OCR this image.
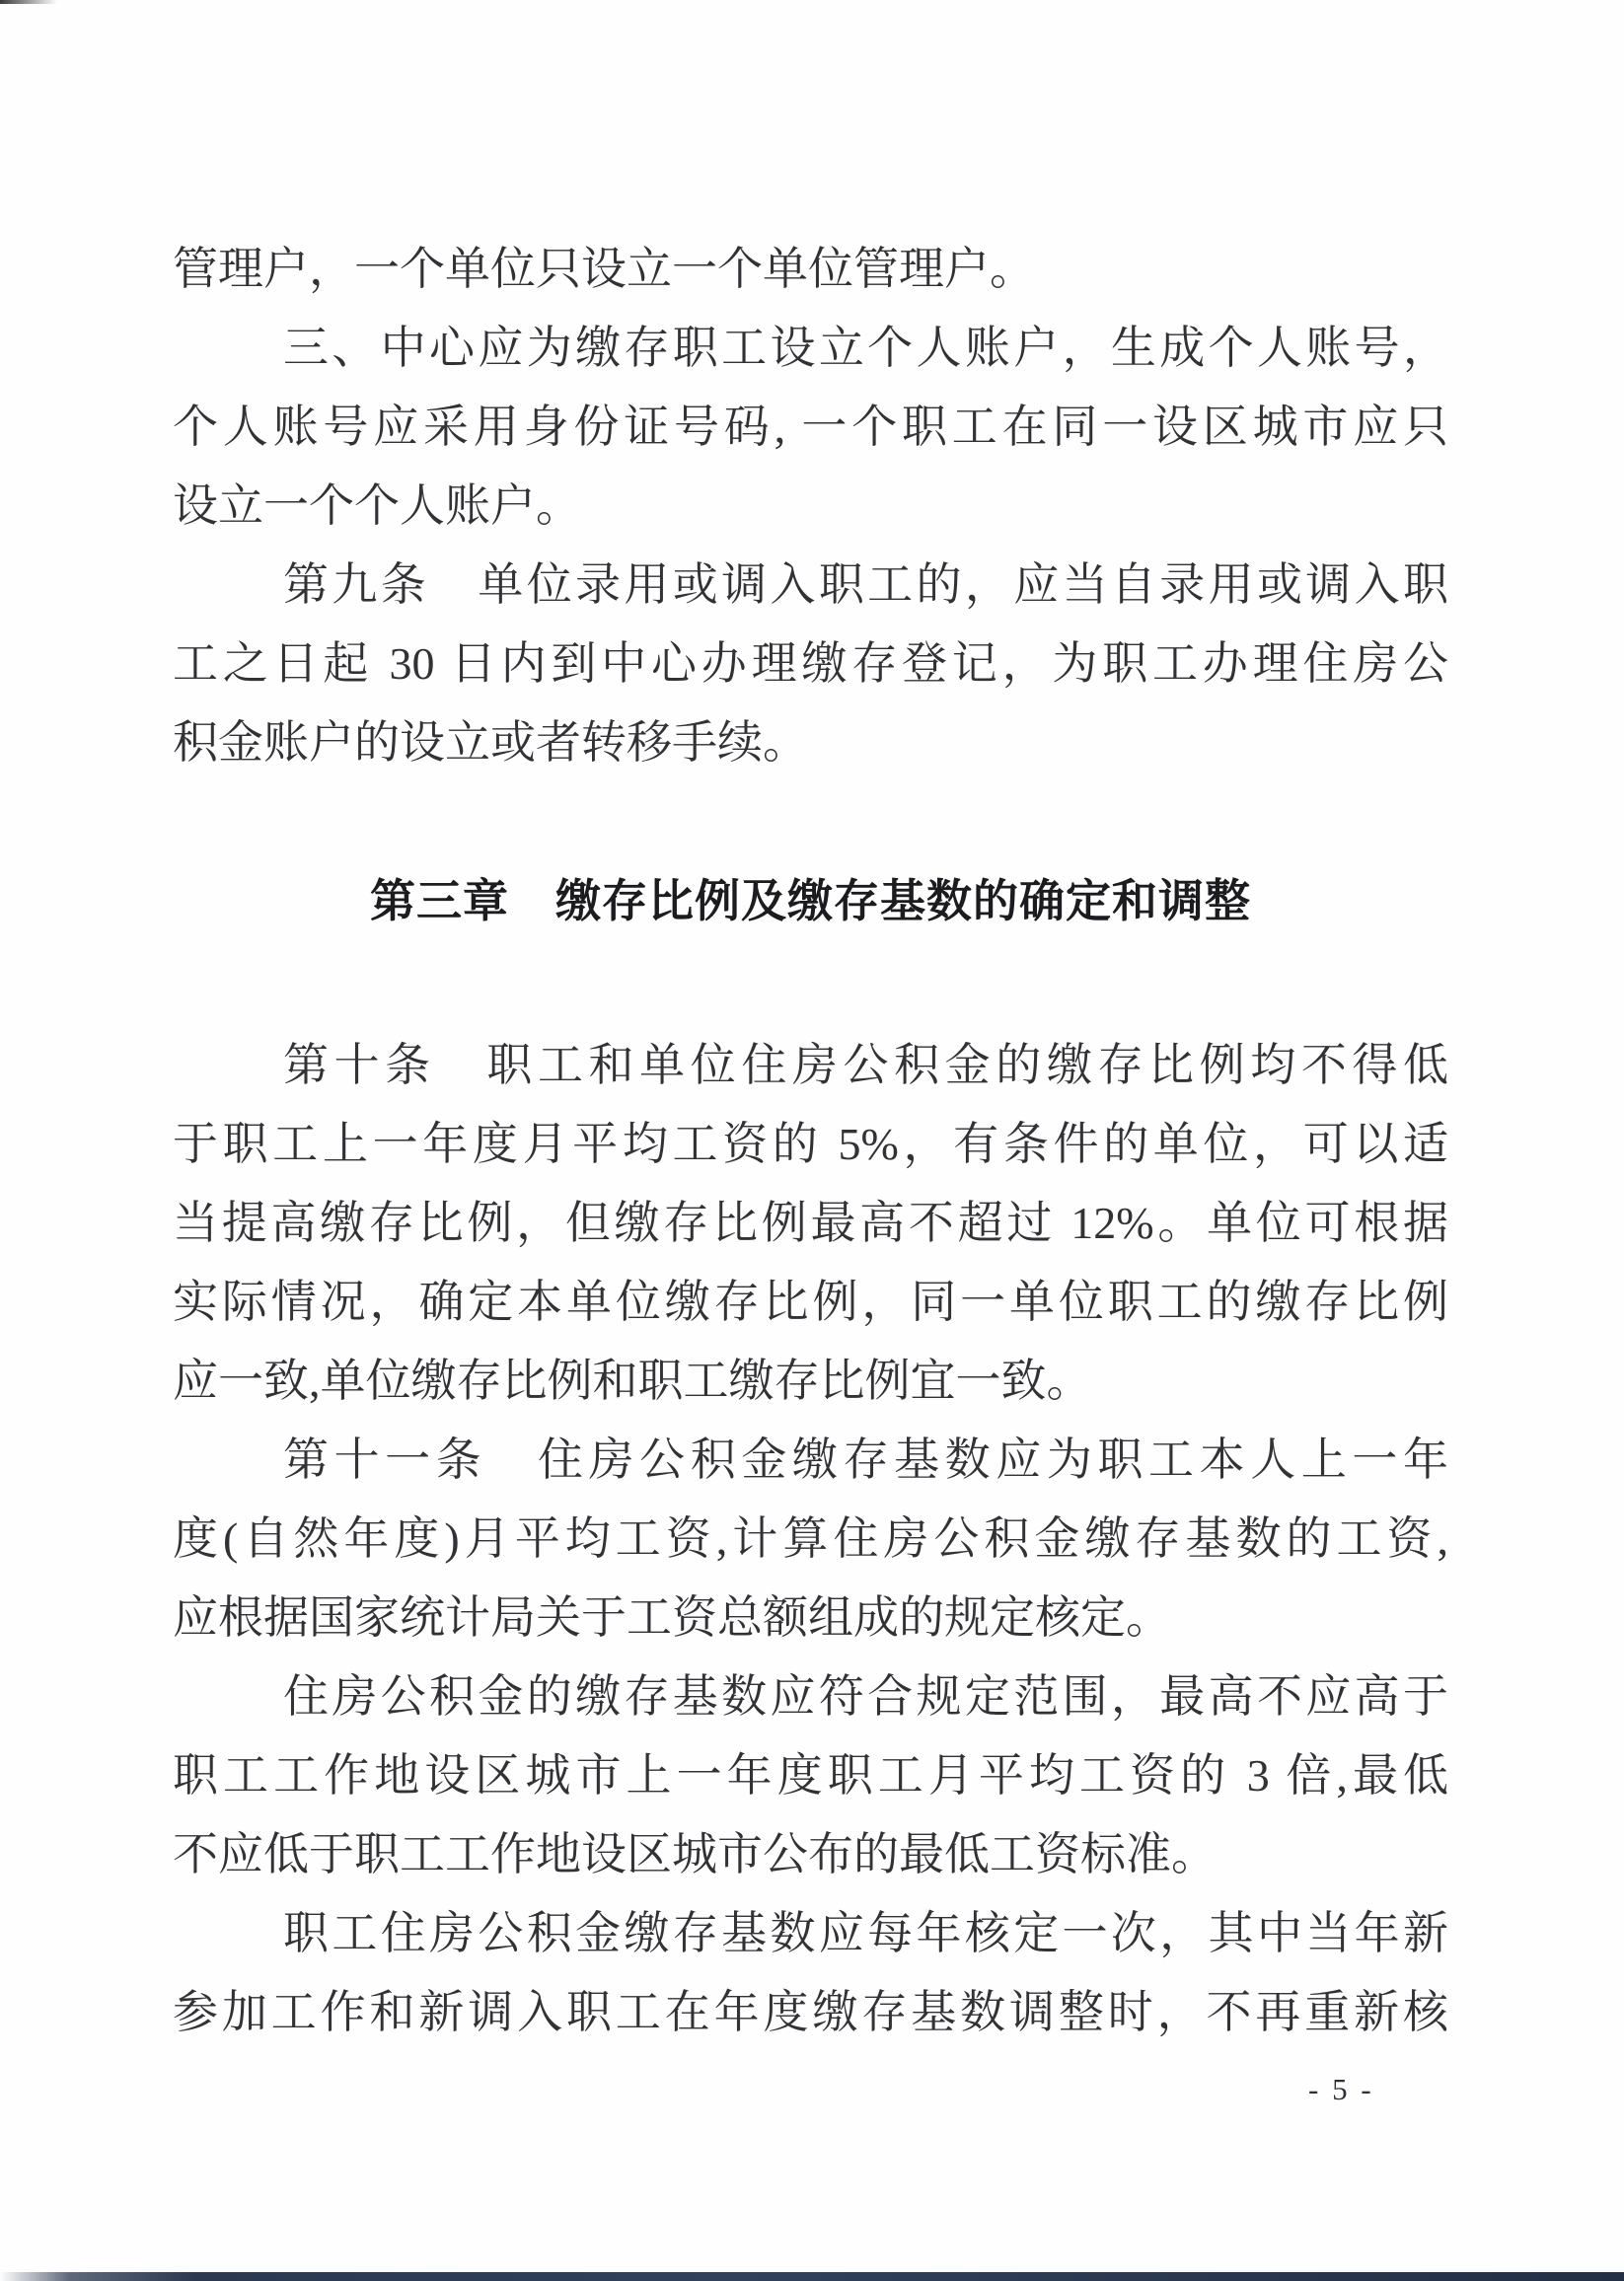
管理户，一个单位只设立一个单位管理户。
三、中心应为缴存职工设立个人账户，生成个人账号，
个人账号应采用身份证号码, 一个职工在同一设区城市应只
设立一个个人账户。
第九条　单位录用或调入职工的，应当自录用或调入职
工之日起 30 日内到中心办理缴存登记，为职工办理住房公
积金账户的设立或者转移手续。
第三章　缴存比例及缴存基数的确定和调整
第十条　职工和单位住房公积金的缴存比例均不得低
于职工上一年度月平均工资的 5%，有条件的单位，可以适
当提高缴存比例，但缴存比例最高不超过 12%。单位可根据
实际情况，确定本单位缴存比例，同一单位职工的缴存比例
应一致,单位缴存比例和职工缴存比例宜一致。
第十一条　住房公积金缴存基数应为职工本人上一年
度(自然年度)月平均工资,计算住房公积金缴存基数的工资,
应根据国家统计局关于工资总额组成的规定核定。
住房公积金的缴存基数应符合规定范围，最高不应高于
职工工作地设区城市上一年度职工月平均工资的 3 倍,最低
不应低于职工工作地设区城市公布的最低工资标准。
职工住房公积金缴存基数应每年核定一次，其中当年新
参加工作和新调入职工在年度缴存基数调整时，不再重新核
- 5 -
